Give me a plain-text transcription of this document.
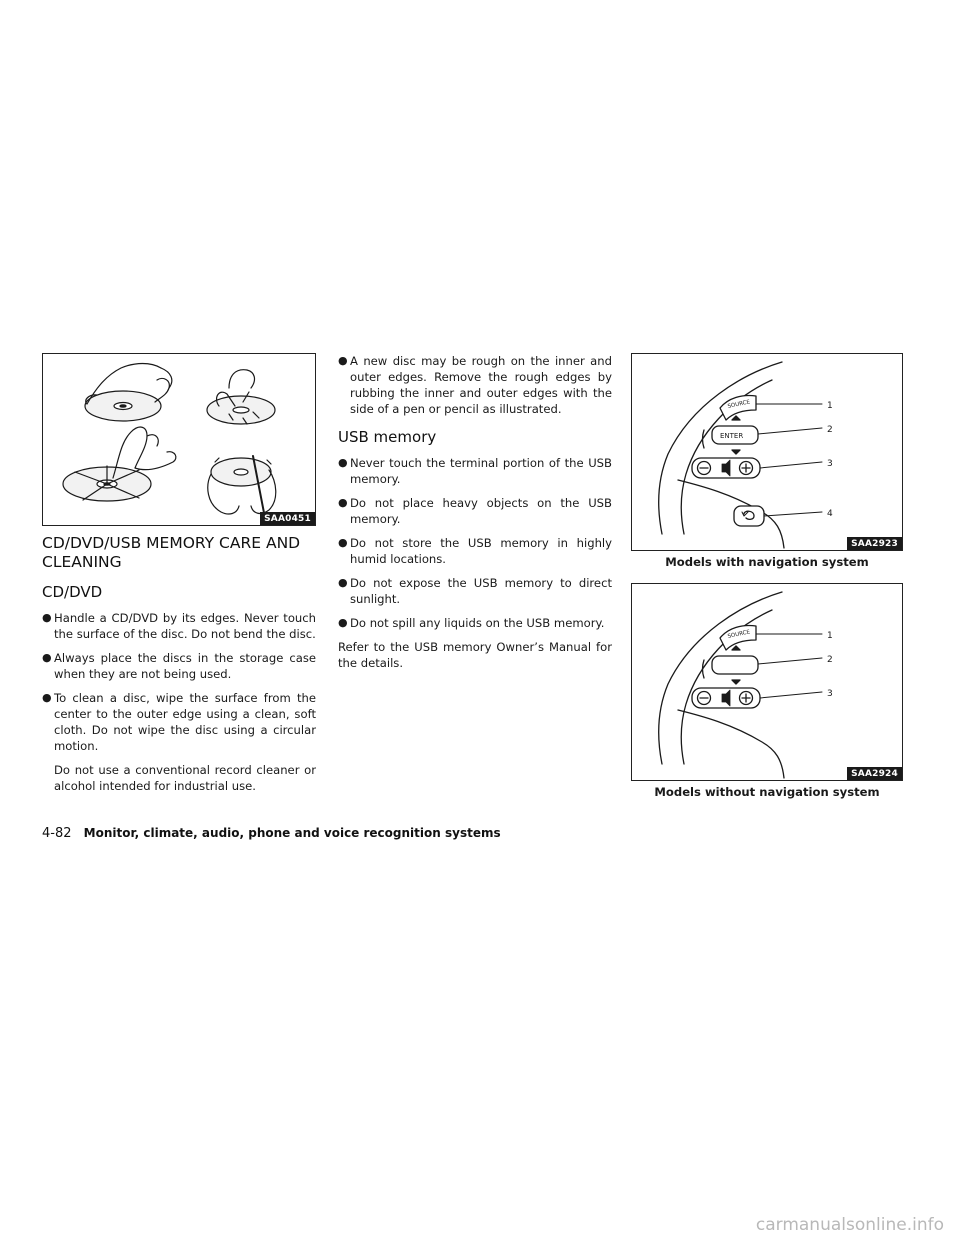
SAA0451
CD/DVD/USB MEMORY CARE AND CLEANING
CD/DVD
● Handle a CD/DVD by its edges. Never touch the surface of the disc. Do not bend the disc.
● Always place the discs in the storage case when they are not being used.
● To clean a disc, wipe the surface from the center to the outer edge using a clean, soft cloth. Do not wipe the disc using a circular motion.

Do not use a conventional record cleaner or alcohol intended for industrial use.

● A new disc may be rough on the inner and outer edges. Remove the rough edges by rubbing the inner and outer edges with the side of a pen or pencil as illustrated.
USB memory
● Never touch the terminal portion of the USB memory.
● Do not place heavy objects on the USB memory.
● Do not store the USB memory in highly humid locations.
● Do not expose the USB memory to direct sunlight.
● Do not spill any liquids on the USB memory.

Refer to the USB memory Owner’s Manual for the details.

SOURCE
ENTER
1
2
3
4
SAA2923
Models with navigation system
SOURCE	1
2
3
SAA2924
Models without navigation system
4-82 Monitor, climate, audio, phone and voice recognition systems
carmanualsonline.info
